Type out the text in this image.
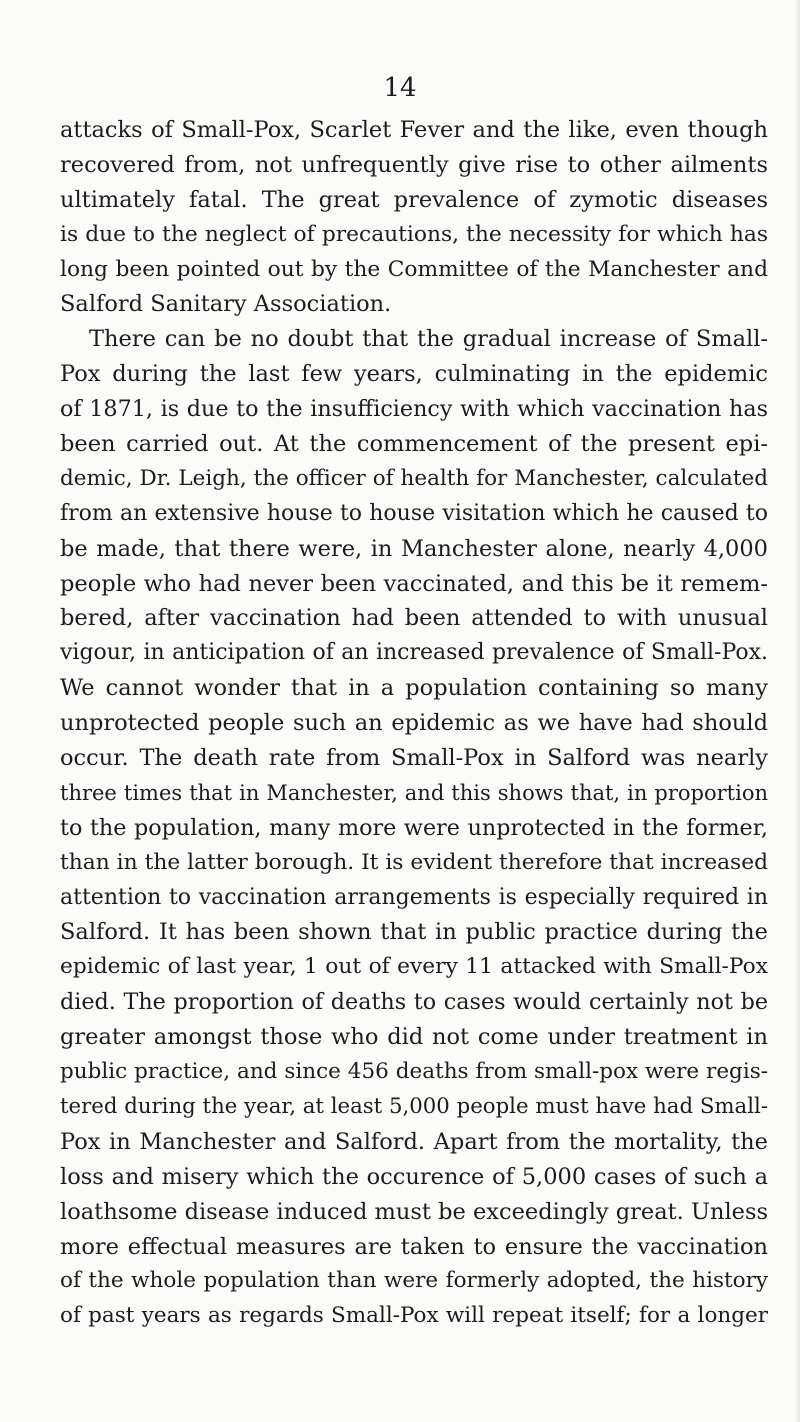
14
attacks of Small-Pox, Scarlet Fever and the like, even though
recovered from, not unfrequently give rise to other ailments
ultimately fatal. The great prevalence of zymotic diseases
is due to the neglect of precautions, the necessity for which has
long been pointed out by the Committee of the Manchester and
Salford Sanitary Association.
There can be no doubt that the gradual increase of Small-
Pox during the last few years, culminating in the epidemic
of 1871, is due to the insufficiency with which vaccination has
been carried out. At the commencement of the present epi-
demic, Dr. Leigh, the officer of health for Manchester, calculated
from an extensive house to house visitation which he caused to
be made, that there were, in Manchester alone, nearly 4,000
people who had never been vaccinated, and this be it remem-
bered, after vaccination had been attended to with unusual
vigour, in anticipation of an increased prevalence of Small-Pox.
We cannot wonder that in a population containing so many
unprotected people such an epidemic as we have had should
occur. The death rate from Small-Pox in Salford was nearly
three times that in Manchester, and this shows that, in proportion
to the population, many more were unprotected in the former,
than in the latter borough. It is evident therefore that increased
attention to vaccination arrangements is especially required in
Salford. It has been shown that in public practice during the
epidemic of last year, 1 out of every 11 attacked with Small-Pox
died. The proportion of deaths to cases would certainly not be
greater amongst those who did not come under treatment in
public practice, and since 456 deaths from small-pox were regis-
tered during the year, at least 5,000 people must have had Small-
Pox in Manchester and Salford. Apart from the mortality, the
loss and misery which the occurence of 5,000 cases of such a
loathsome disease induced must be exceedingly great. Unless
more effectual measures are taken to ensure the vaccination
of the whole population than were formerly adopted, the history
of past years as regards Small-Pox will repeat itself; for a longer
